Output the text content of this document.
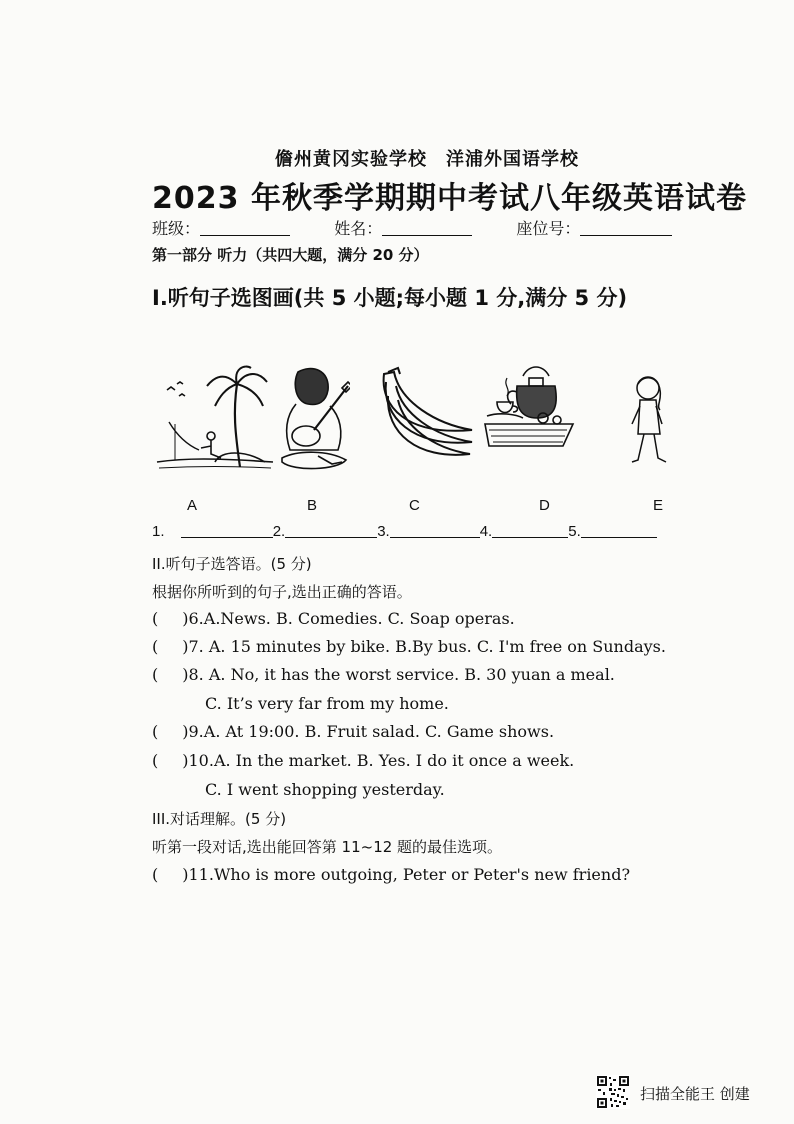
儋州黄冈实验学校　洋浦外国语学校
2023 年秋季学期期中考试八年级英语试卷
班级：	姓名：	座位号：
第一部分 听力（共四大题，满分 20 分）
I.听句子选图画(共 5 小题;每小题 1 分,满分 5 分)
A	B	C	D	E
1.	2.	3.	4.	5.
II.听句子选答语。(5 分)
根据你所听到的句子,选出正确的答语。
( )6.A.News. B. Comedies. C. Soap operas.
( )7. A. 15 minutes by bike. B.By bus. C. I'm free on Sundays.
( )8. A. No, it has the worst service. B. 30 yuan a meal.
C. It’s very far from my home.
( )9.A. At 19:00. B. Fruit salad. C. Game shows.
( )10.A. In the market. B. Yes. I do it once a week.
C. I went shopping yesterday.
III.对话理解。(5 分)
听第一段对话,选出能回答第 11~12 题的最佳选项。
( )11.Who is more outgoing, Peter or Peter's new friend?
扫描全能王 创建
